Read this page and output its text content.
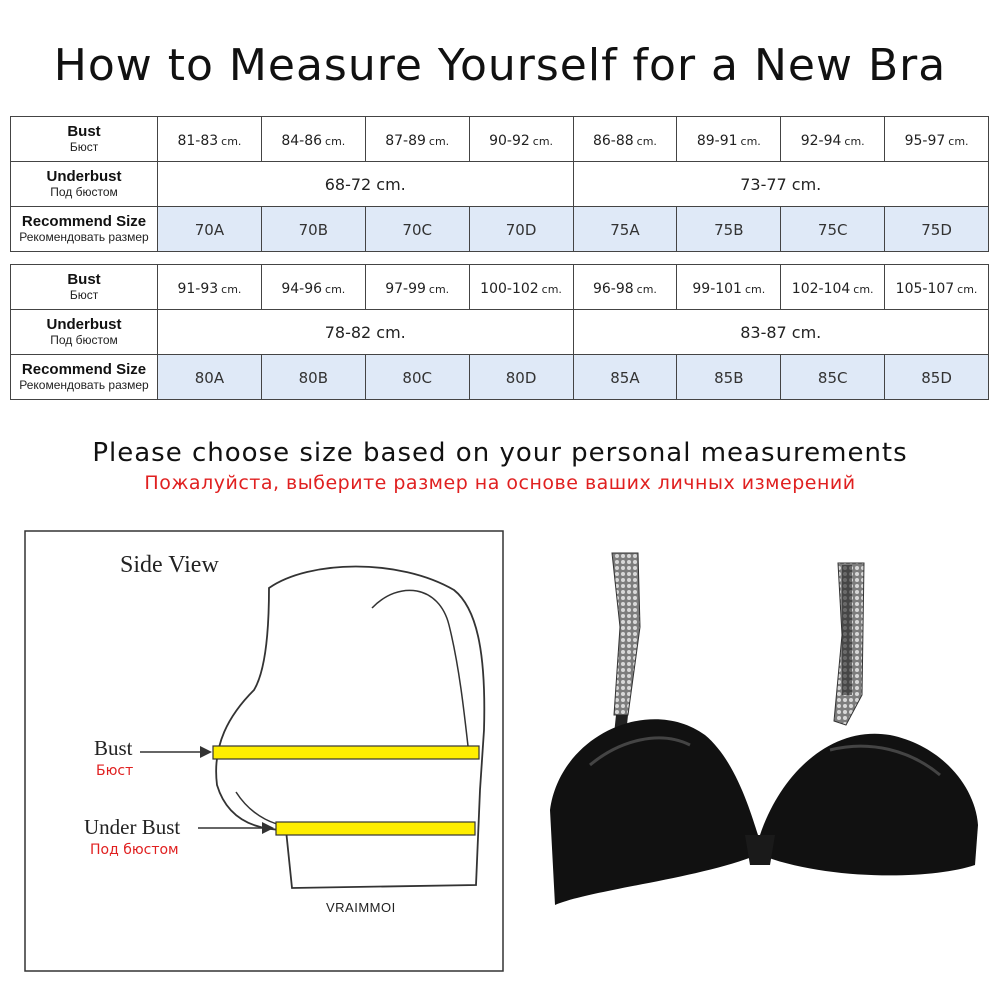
How to Measure Yourself for a New Bra
Bust
Бюст	81-83 cm.	84-86 cm.	87-89 cm.	90-92 cm.	86-88 cm.	89-91 cm.	92-94 cm.	95-97 cm.

Underbust
Под бюстом	68-72 cm.				73-77 cm.			

Recommend Size
Рекомендовать размер	70A	70B	70C	70D	75A	75B	75C	75D
Bust
Бюст	91-93 cm.	94-96 cm.	97-99 cm.	100-102 cm.	96-98 cm.	99-101 cm.	102-104 cm.	105-107 cm.

Underbust
Под бюстом	78-82 cm.				83-87 cm.			

Recommend Size
Рекомендовать размер	80A	80B	80C	80D	85A	85B	85C	85D
Please choose size based on your personal measurements
Пожалуйста, выберите размер на основе ваших личных измерений
Side View
Bust
Бюст
Under Bust
Под бюстом
VRAIMMOI
